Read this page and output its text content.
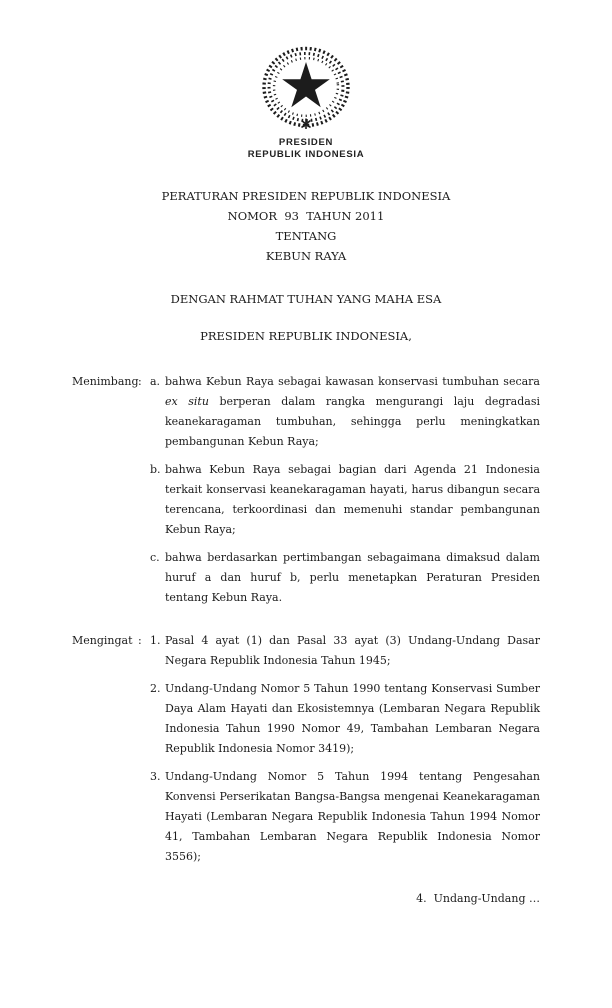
PRESIDEN
REPUBLIK INDONESIA
PERATURAN PRESIDEN REPUBLIK INDONESIA
NOMOR  93  TAHUN 2011
TENTANG
KEBUN RAYA
DENGAN RAHMAT TUHAN YANG MAHA ESA
PRESIDEN REPUBLIK INDONESIA,
Menimbang : a. bahwa Kebun Raya sebagai kawasan konservasi tumbuhan secara ex situ berperan dalam rangka mengurangi laju degradasi keanekaragaman tumbuhan, sehingga perlu meningkatkan pembangunan Kebun Raya;
b. bahwa Kebun Raya sebagai bagian dari Agenda 21 Indonesia terkait konservasi keanekaragaman hayati, harus dibangun secara terencana, terkoordinasi dan memenuhi standar pembangunan Kebun Raya;
c. bahwa berdasarkan pertimbangan sebagaimana dimaksud dalam huruf a dan huruf b, perlu menetapkan Peraturan Presiden tentang Kebun Raya.
Mengingat : 1. Pasal 4 ayat (1) dan Pasal 33 ayat (3) Undang-Undang Dasar Negara Republik Indonesia Tahun 1945;
2. Undang-Undang Nomor 5 Tahun 1990 tentang Konservasi Sumber Daya Alam Hayati dan Ekosistemnya (Lembaran Negara Republik Indonesia Tahun 1990 Nomor 49, Tambahan Lembaran Negara Republik Indonesia Nomor 3419);
3. Undang-Undang Nomor 5 Tahun 1994 tentang Pengesahan Konvensi Perserikatan Bangsa-Bangsa mengenai Keanekaragaman Hayati (Lembaran Negara Republik Indonesia Tahun 1994 Nomor 41, Tambahan Lembaran Negara Republik Indonesia Nomor 3556);
4.  Undang-Undang …
